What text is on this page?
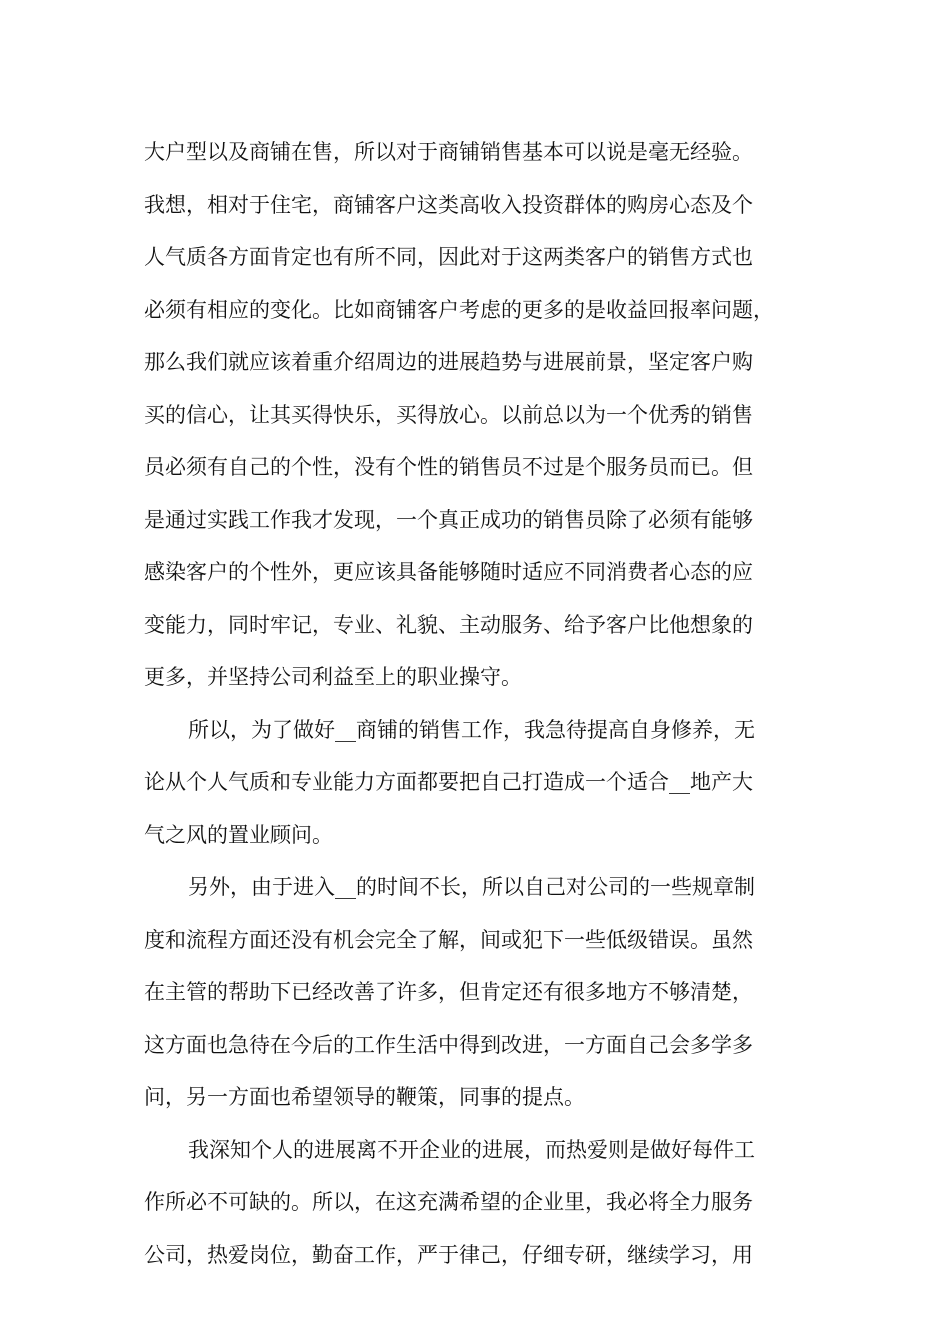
大户型以及商铺在售，所以对于商铺销售基本可以说是毫无经验。
我想，相对于住宅，商铺客户这类高收入投资群体的购房心态及个
人气质各方面肯定也有所不同，因此对于这两类客户的销售方式也
必须有相应的变化。比如商铺客户考虑的更多的是收益回报率问题，
那么我们就应该着重介绍周边的进展趋势与进展前景，坚定客户购
买的信心，让其买得快乐，买得放心。以前总以为一个优秀的销售
员必须有自己的个性，没有个性的销售员不过是个服务员而已。但
是通过实践工作我才发现，一个真正成功的销售员除了必须有能够
感染客户的个性外，更应该具备能够随时适应不同消费者心态的应
变能力，同时牢记，专业、礼貌、主动服务、给予客户比他想象的
更多，并坚持公司利益至上的职业操守。
所以，为了做好__商铺的销售工作，我急待提高自身修养，无
论从个人气质和专业能力方面都要把自己打造成一个适合__地产大
气之风的置业顾问。
另外，由于进入__的时间不长，所以自己对公司的一些规章制
度和流程方面还没有机会完全了解，间或犯下一些低级错误。虽然
在主管的帮助下已经改善了许多，但肯定还有很多地方不够清楚，
这方面也急待在今后的工作生活中得到改进，一方面自己会多学多
问，另一方面也希望领导的鞭策，同事的提点。
我深知个人的进展离不开企业的进展，而热爱则是做好每件工
作所必不可缺的。所以，在这充满希望的企业里，我必将全力服务
公司，热爱岗位，勤奋工作，严于律己，仔细专研，继续学习，用
